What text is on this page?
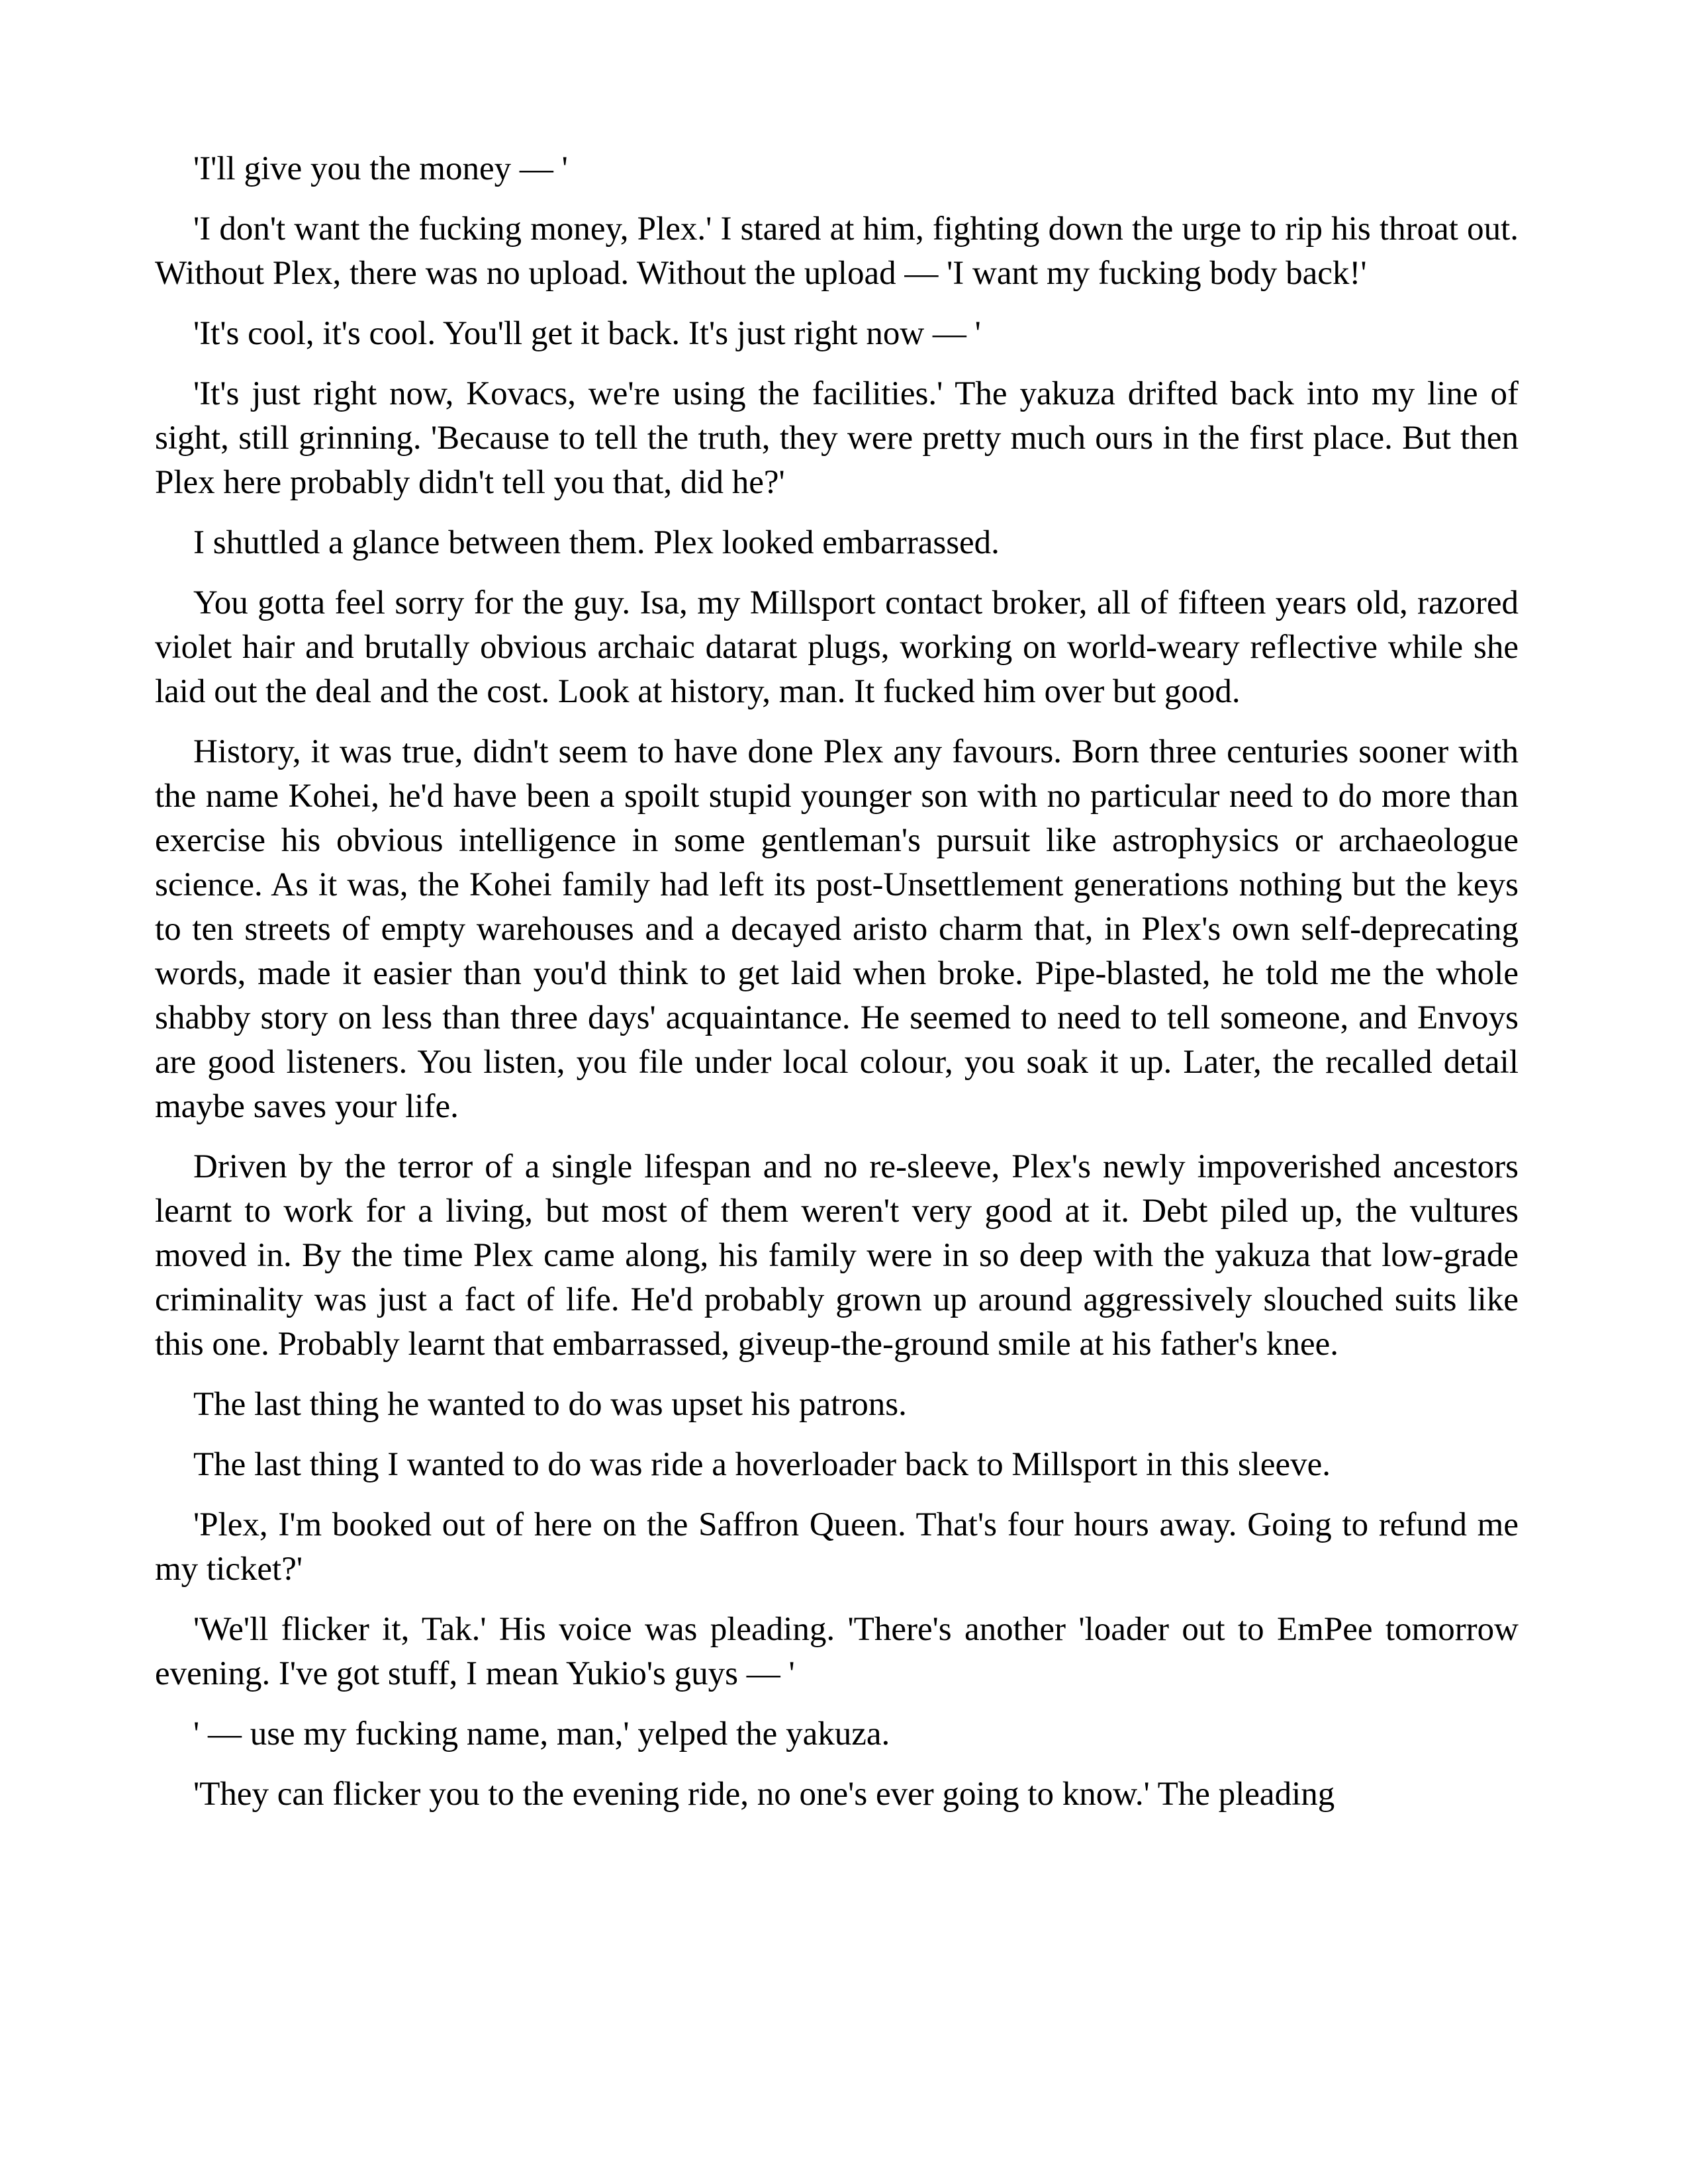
'I'll give you the money — '

'I don't want the fucking money, Plex.' I stared at him, fighting down the urge to rip his throat out. Without Plex, there was no upload. Without the upload — 'I want my fucking body back!'

'It's cool, it's cool. You'll get it back. It's just right now — '

'It's just right now, Kovacs, we're using the facilities.' The yakuza drifted back into my line of sight, still grinning. 'Because to tell the truth, they were pretty much ours in the first place. But then Plex here probably didn't tell you that, did he?'

I shuttled a glance between them. Plex looked embarrassed.

You gotta feel sorry for the guy. Isa, my Millsport contact broker, all of fifteen years old, razored violet hair and brutally obvious archaic datarat plugs, working on world-weary reflective while she laid out the deal and the cost. Look at history, man. It fucked him over but good.

History, it was true, didn't seem to have done Plex any favours. Born three centuries sooner with the name Kohei, he'd have been a spoilt stupid younger son with no particular need to do more than exercise his obvious intelligence in some gentleman's pursuit like astrophysics or archaeologue science. As it was, the Kohei family had left its post-Unsettlement generations nothing but the keys to ten streets of empty warehouses and a decayed aristo charm that, in Plex's own self-deprecating words, made it easier than you'd think to get laid when broke. Pipe-blasted, he told me the whole shabby story on less than three days' acquaintance. He seemed to need to tell someone, and Envoys are good listeners. You listen, you file under local colour, you soak it up. Later, the recalled detail maybe saves your life.

Driven by the terror of a single lifespan and no re-sleeve, Plex's newly impoverished ancestors learnt to work for a living, but most of them weren't very good at it. Debt piled up, the vultures moved in. By the time Plex came along, his family were in so deep with the yakuza that low-grade criminality was just a fact of life. He'd probably grown up around aggressively slouched suits like this one. Probably learnt that embarrassed, giveup-the-ground smile at his father's knee.

The last thing he wanted to do was upset his patrons.

The last thing I wanted to do was ride a hoverloader back to Millsport in this sleeve.

'Plex, I'm booked out of here on the Saffron Queen. That's four hours away. Going to refund me my ticket?'

'We'll flicker it, Tak.' His voice was pleading. 'There's another 'loader out to EmPee tomorrow evening. I've got stuff, I mean Yukio's guys — '

' — use my fucking name, man,' yelped the yakuza.

'They can flicker you to the evening ride, no one's ever going to know.' The pleading
